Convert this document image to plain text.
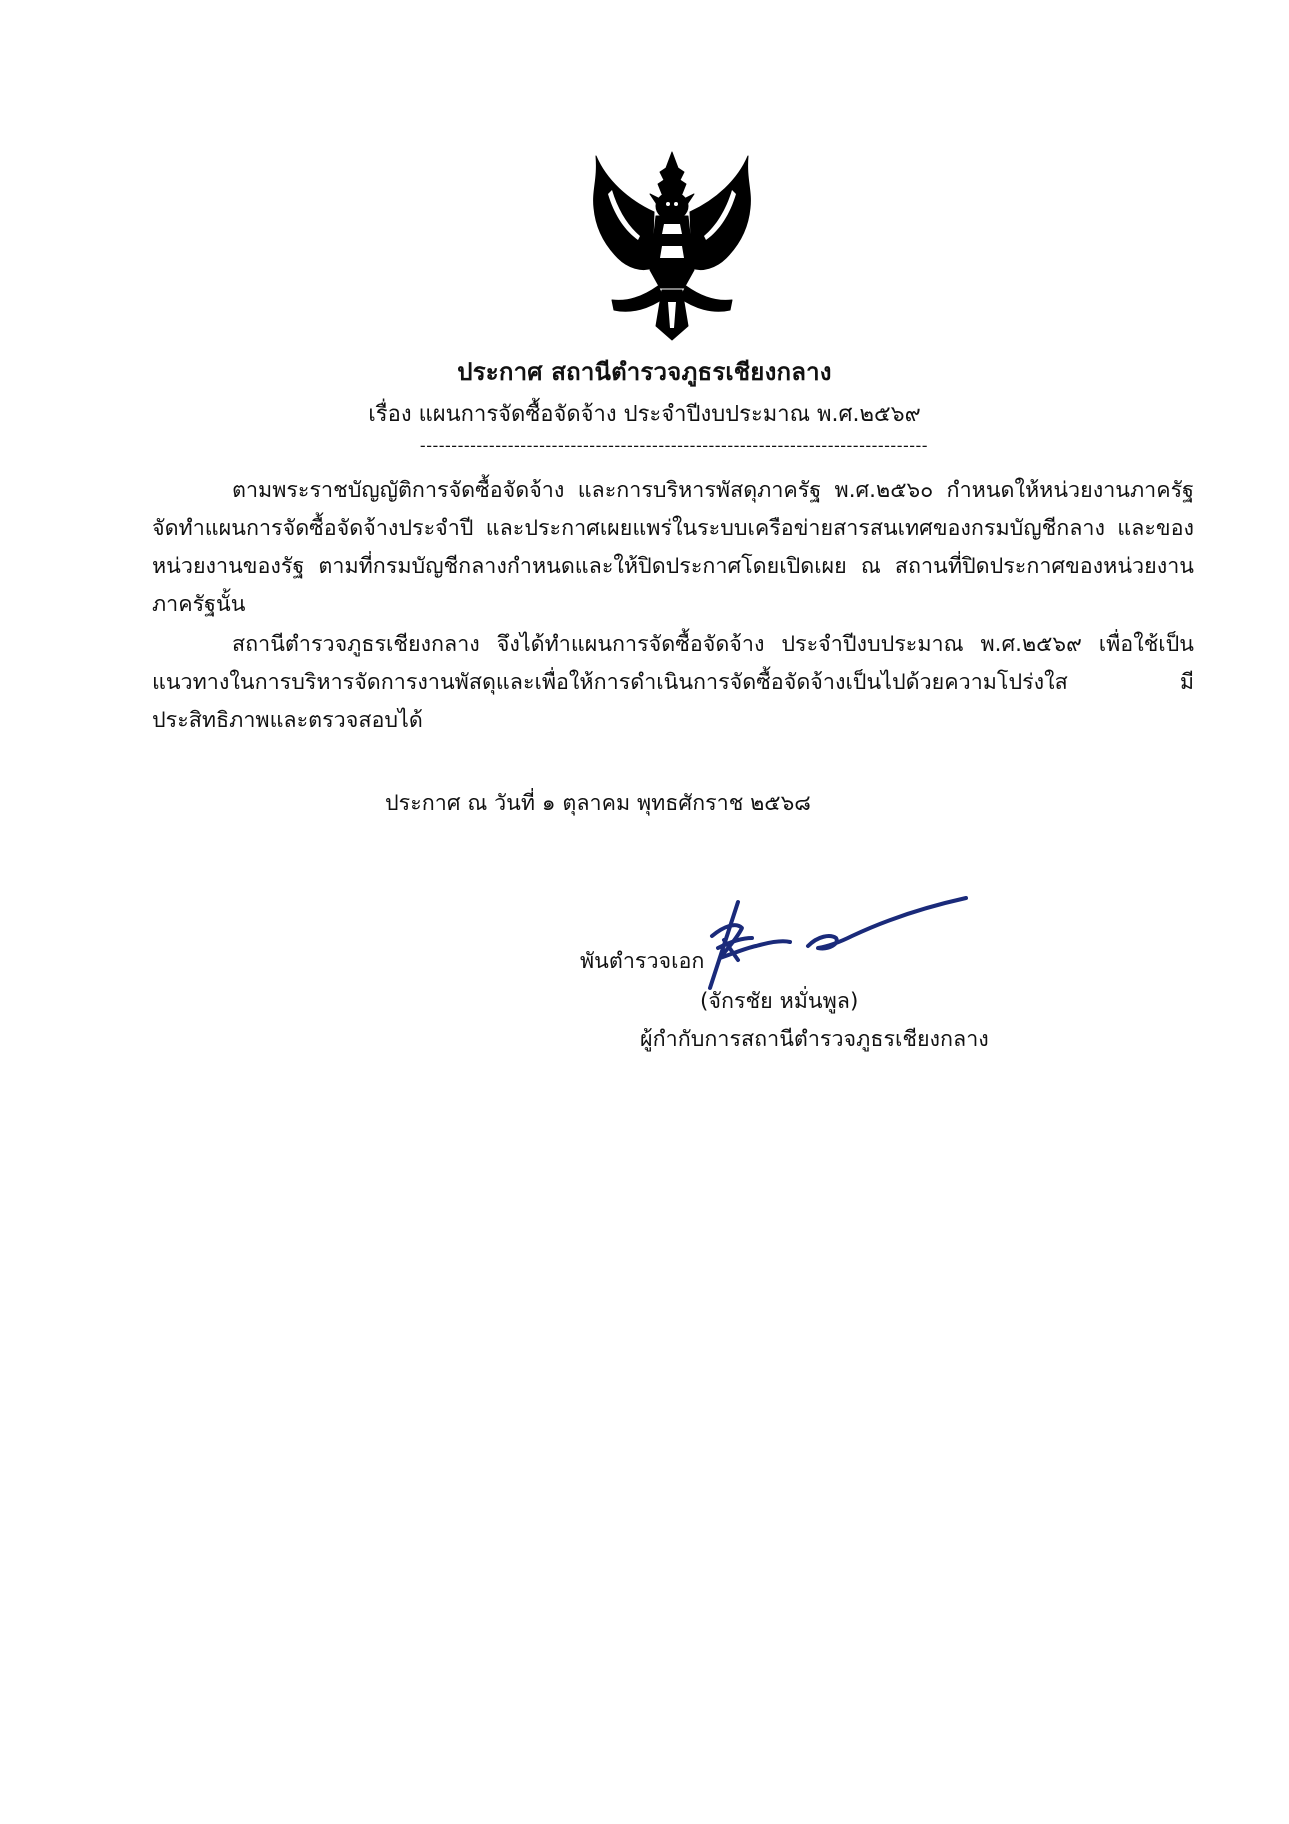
ประกาศ สถานีตำรวจภูธรเชียงกลาง
เรื่อง แผนการจัดซื้อจัดจ้าง ประจำปีงบประมาณ พ.ศ.๒๕๖๙
---------------------------------------------------------------------------------
ตามพระราชบัญญัติการจัดซื้อจัดจ้าง และการบริหารพัสดุภาครัฐ พ.ศ.๒๕๖๐ กำหนดให้หน่วยงานภาครัฐจัดทำแผนการจัดซื้อจัดจ้างประจำปี และประกาศเผยแพร่ในระบบเครือข่ายสารสนเทศของกรมบัญชีกลาง และของหน่วยงานของรัฐ ตามที่กรมบัญชีกลางกำหนดและให้ปิดประกาศโดยเปิดเผย ณ สถานที่ปิดประกาศของหน่วยงานภาครัฐนั้น
สถานีตำรวจภูธรเชียงกลาง จึงได้ทำแผนการจัดซื้อจัดจ้าง ประจำปีงบประมาณ พ.ศ.๒๕๖๙ เพื่อใช้เป็นแนวทางในการบริหารจัดการงานพัสดุและเพื่อให้การดำเนินการจัดซื้อจัดจ้างเป็นไปด้วยความโปร่งใส มีประสิทธิภาพและตรวจสอบได้
ประกาศ ณ วันที่ ๑ ตุลาคม พุทธศักราช ๒๕๖๘
พันตำรวจเอก
(จักรชัย หมั่นพูล)
ผู้กำกับการสถานีตำรวจภูธรเชียงกลาง
